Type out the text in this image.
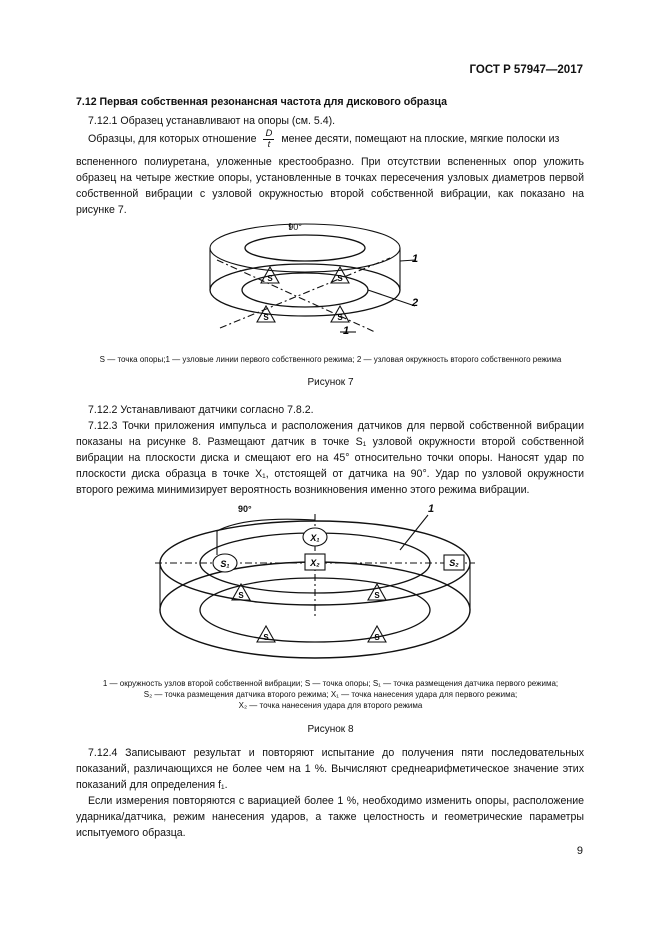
ГОСТ Р 57947—2017
7.12 Первая собственная резонансная частота для дискового образца
7.12.1 Образец устанавливают на опоры (см. 5.4).
Образцы, для которых отношение $\frac{D}{t}$ менее десяти, помещают на плоские, мягкие полоски из
вспененного полиуретана, уложенные крестообразно. При отсутствии вспененных опор уложить образец на четыре жесткие опоры, установленные в точках пересечения узловых диаметров первой собственной вибрации с узловой окружностью второй собственной вибрации, как показано на рисунке 7.
90°
S	S
S	S
1
2
1
S — точка опоры;1 — узловые линии первого собственного режима; 2 — узловая окружность второго собственного режима
Рисунок 7
7.12.2 Устанавливают датчики согласно 7.8.2.
7.12.3 Точки приложения импульса и расположения датчиков для первой собственной вибрации показаны на рисунке 8. Размещают датчик в точке S₁ узловой окружности второй собственной вибрации на плоскости диска и смещают его на 45° относительно точки опоры. Наносят удар по плоскости диска образца в точке X₁, отстоящей от датчика на 90°. Удар по узловой окружности второго режима минимизирует вероятность возникновения именно этого режима вибрации.
90°	1
X₁
X₂
S₁	S₂
S	S
S	S
1 — окружность узлов второй собственной вибрации; S — точка опоры; S₁ — точка размещения датчика первого режима;
S₂ — точка размещения датчика второго режима; X₁ — точка нанесения удара для первого режима;
X₂ — точка нанесения удара для второго режима
Рисунок 8
7.12.4 Записывают результат и повторяют испытание до получения пяти последовательных показаний, различающихся не более чем на 1 %. Вычисляют среднеарифметическое значение этих показаний для определения f₁.
Если измерения повторяются с вариацией более 1 %, необходимо изменить опоры, расположение ударника/датчика, режим нанесения ударов, а также целостность и геометрические параметры испытуемого образца.
9
